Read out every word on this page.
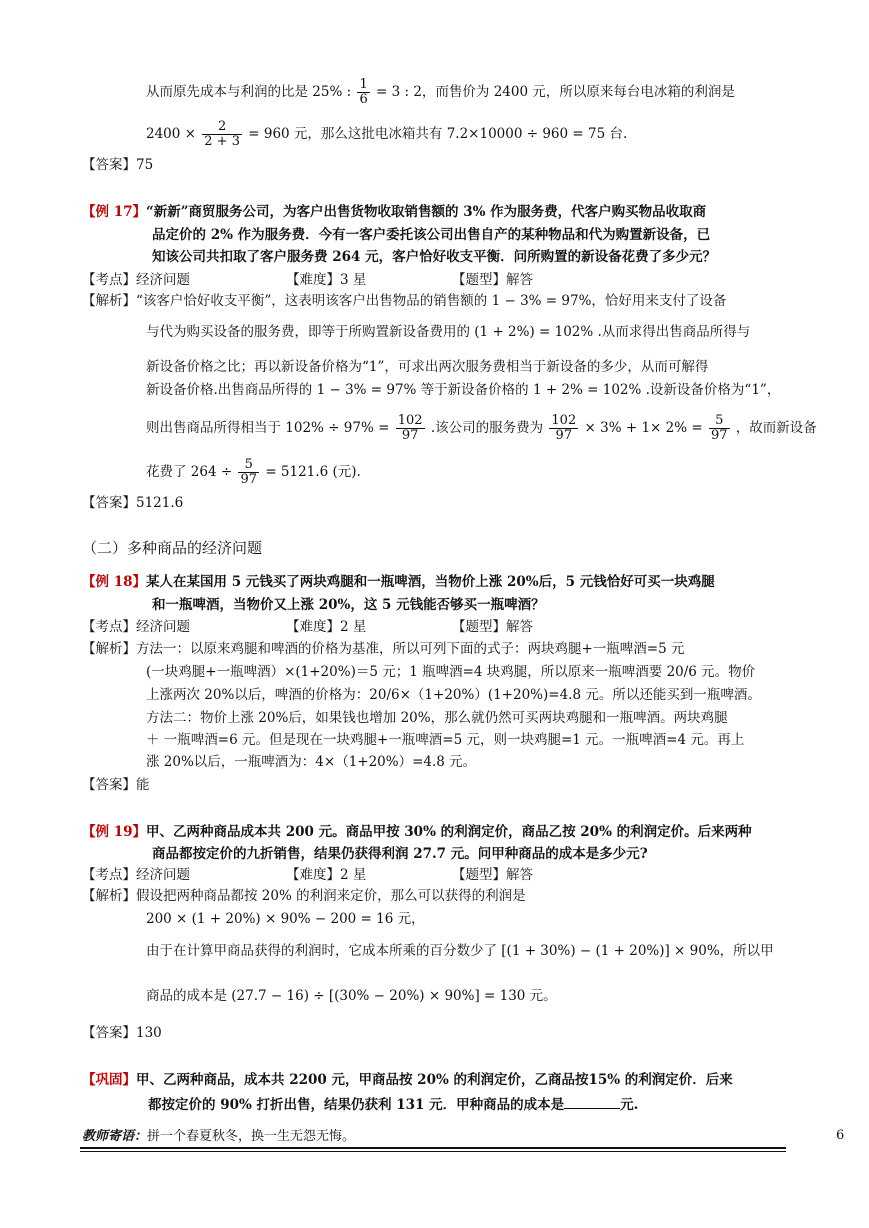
从而原先成本与利润的比是 25% : $\frac{1}{6} = 3$ : 2，而售价为 2400 元，所以原来每台电冰箱的利润是
$2400 \times \frac{2}{2 + 3} = 960$ 元，那么这批电冰箱共有 7.2×10000 ÷ 960 = 75 台.
【答案】75
【例 17】“新新”商贸服务公司，为客户出售货物收取销售额的 3% 作为服务费，代客户购买物品收取商
品定价的 2% 作为服务费．今有一客户委托该公司出售自产的某种物品和代为购置新设备，已
知该公司共扣取了客户服务费 264 元，客户恰好收支平衡．问所购置的新设备花费了多少元？
【考点】经济问题	【难度】3 星	【题型】解答
【解析】“该客户恰好收支平衡”，这表明该客户出售物品的销售额的 1 − 3% = 97%，恰好用来支付了设备
与代为购买设备的服务费，即等于所购置新设备费用的 (1 + 2%) = 102% .从而求得出售商品所得与
新设备价格之比；再以新设备价格为“1”，可求出两次服务费相当于新设备的多少，从而可解得
新设备价格.出售商品所得的 1 − 3% = 97% 等于新设备价格的 1 + 2% = 102% .设新设备价格为“1”，
则出售商品所得相当于 $102\% \div 97\% = \frac{102}{97}$ .该公司的服务费为 $\frac{102}{97} \times 3\% + 1\times 2\% = \frac{5}{97}$ ，故而新设备
花费了 $264 \div \frac{5}{97} = 5121.6$ (元).
【答案】5121.6
（二）多种商品的经济问题
【例 18】某人在某国用 5 元钱买了两块鸡腿和一瓶啤酒，当物价上涨 20%后，5 元钱恰好可买一块鸡腿
和一瓶啤酒，当物价又上涨 20%，这 5 元钱能否够买一瓶啤酒？
【考点】经济问题	【难度】2 星	【题型】解答
【解析】方法一：以原来鸡腿和啤酒的价格为基准，所以可列下面的式子：两块鸡腿+一瓶啤酒=5 元
(一块鸡腿+一瓶啤酒）×(1+20%)＝5 元；1 瓶啤酒=4 块鸡腿，所以原来一瓶啤酒要 20/6 元。物价
上涨两次 20%以后，啤酒的价格为：20/6×（1+20%）(1+20%)=4.8 元。所以还能买到一瓶啤酒。
方法二：物价上涨 20%后，如果钱也增加 20%，那么就仍然可买两块鸡腿和一瓶啤酒。两块鸡腿
＋ 一瓶啤酒=6 元。但是现在一块鸡腿+一瓶啤酒=5 元，则一块鸡腿=1 元。一瓶啤酒=4 元。再上
涨 20%以后，一瓶啤酒为：4×（1+20%）=4.8 元。
【答案】能
【例 19】甲、乙两种商品成本共 200 元。商品甲按 30% 的利润定价，商品乙按 20% 的利润定价。后来两种
商品都按定价的九折销售，结果仍获得利润 27.7 元。问甲种商品的成本是多少元?
【考点】经济问题	【难度】2 星	【题型】解答
【解析】假设把两种商品都按 20% 的利润来定价，那么可以获得的利润是
200 × (1 + 20%) × 90% − 200 = 16 元，
由于在计算甲商品获得的利润时，它成本所乘的百分数少了 [(1 + 30%) − (1 + 20%)] × 90%，所以甲
商品的成本是 (27.7 − 16) ÷ [(30% − 20%) × 90%] = 130 元。
【答案】130
【巩固】甲、乙两种商品，成本共 2200 元，甲商品按 20% 的利润定价，乙商品按15% 的利润定价．后来
都按定价的 90% 打折出售，结果仍获利 131 元．甲种商品的成本是	元.
教师寄语：拼一个春夏秋冬，换一生无怨无悔。	6
